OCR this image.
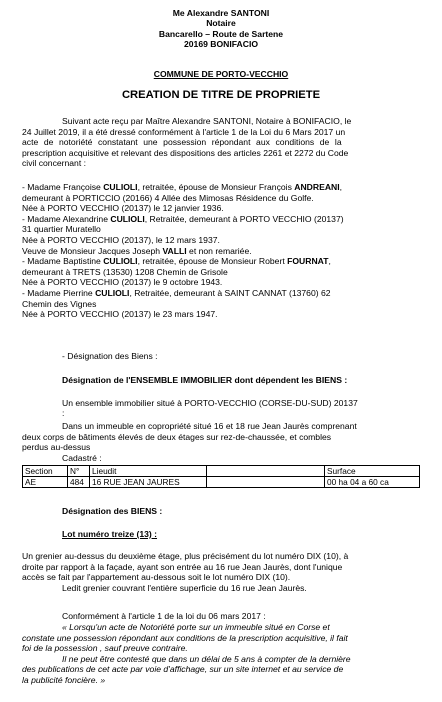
Me Alexandre SANTONI
Notaire
Bancarello – Route de Sartene
20169 BONIFACIO
COMMUNE DE PORTO-VECCHIO
CREATION DE TITRE DE PROPRIETE
Suivant acte reçu par Maître Alexandre SANTONI, Notaire à BONIFACIO, le
24 Juillet 2019, il a été dressé conformément à l'article 1 de la Loi du 6 Mars 2017 un
acte de notoriété constatant une possession répondant aux conditions de la
prescription acquisitive et relevant des dispositions des articles 2261 et 2272 du Code
civil concernant :
- Madame Françoise CULIOLI, retraitée, épouse de Monsieur François ANDREANI,
demeurant à PORTICCIO (20166) 4 Allée des Mimosas Résidence du Golfe.
Née à PORTO VECCHIO (20137) le 12 janvier 1936.
- Madame Alexandrine CULIOLI, Retraitée, demeurant à PORTO VECCHIO (20137)
31 quartier Muratello
Née à PORTO VECCHIO (20137), le 12 mars 1937.
Veuve de Monsieur Jacques Joseph VALLI et non remariée.
- Madame Baptistine CULIOLI, retraitée, épouse de Monsieur Robert FOURNAT,
demeurant à TRETS (13530) 1208 Chemin de Grisole
Née à PORTO VECCHIO (20137) le 9 octobre 1943.
- Madame Pierrine CULIOLI, Retraitée, demeurant à SAINT CANNAT (13760) 62
Chemin des Vignes
Née à PORTO VECCHIO (20137) le 23 mars 1947.
- Désignation des Biens :
Désignation de l'ENSEMBLE IMMOBILIER dont dépendent les BIENS :
Un ensemble immobilier situé à PORTO-VECCHIO (CORSE-DU-SUD) 20137
:
Dans un immeuble en copropriété situé 16 et 18 rue Jean Jaurès comprenant
deux corps de bâtiments élevés de deux étages sur rez-de-chaussée, et combles
perdus au-dessus
Cadastré :
Section	N°	Lieudit		Surface
AE	484	16 RUE JEAN JAURES		00 ha 04 a 60 ca
Désignation des BIENS :
Lot numéro treize (13) :
Un grenier au-dessus du deuxième étage, plus précisément du lot numéro DIX (10), à
droite par rapport à la façade, ayant son entrée au 16 rue Jean Jaurès, dont l'unique
accès se fait par l'appartement au-dessous soit le lot numéro DIX (10).
Ledit grenier couvrant l'entière superficie du 16 rue Jean Jaurès.
Conformément à l'article 1 de la loi du 06 mars 2017 :
« Lorsqu'un acte de Notoriété porte sur un immeuble situé en Corse et
constate une possession répondant aux conditions de la prescription acquisitive, il fait
foi de la possession , sauf preuve contraire.
Il ne peut être contesté que dans un délai de 5 ans à compter de la dernière
des publications de cet acte par voie d'affichage, sur un site internet et au service de
la publicité foncière. »
